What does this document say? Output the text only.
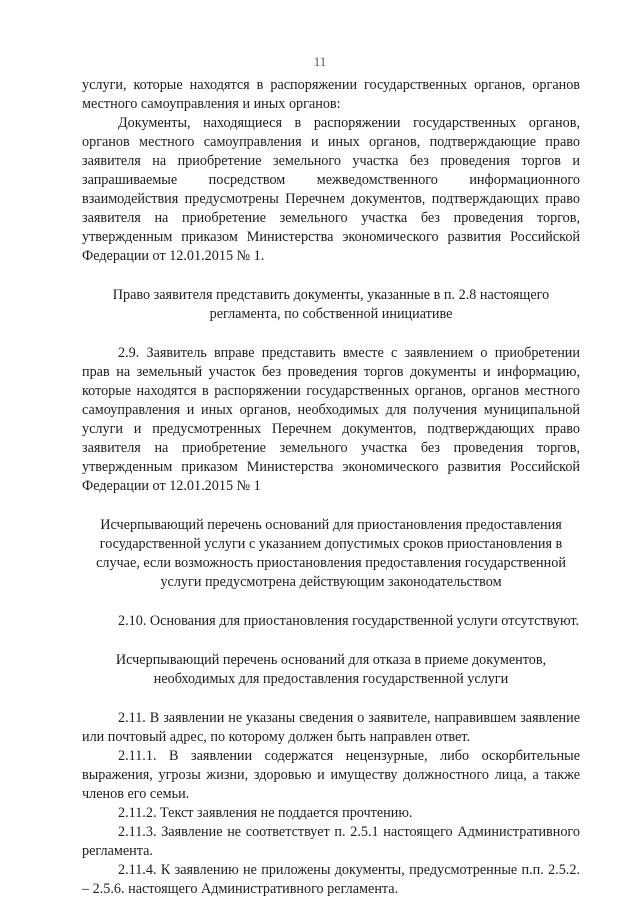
11

услуги, которые находятся в распоряжении государственных органов, органов местного самоуправления и иных органов:

Документы, находящиеся в распоряжении государственных органов, органов местного самоуправления и иных органов, подтверждающие право заявителя на приобретение земельного участка без проведения торгов и запрашиваемые посредством межведомственного информационного взаимодействия предусмотрены Перечнем документов, подтверждающих право заявителя на приобретение земельного участка без проведения торгов, утвержденным приказом Министерства экономического развития Российской Федерации от 12.01.2015 № 1.

Право заявителя представить документы, указанные в п. 2.8 настоящего регламента, по собственной инициативе

2.9. Заявитель вправе представить вместе с заявлением о приобретении прав на земельный участок без проведения торгов документы и информацию, которые находятся в распоряжении государственных органов, органов местного самоуправления и иных органов, необходимых для получения муниципальной услуги и предусмотренных Перечнем документов, подтверждающих право заявителя на приобретение земельного участка без проведения торгов, утвержденным приказом Министерства экономического развития Российской Федерации от 12.01.2015 № 1

Исчерпывающий перечень оснований для приостановления предоставления государственной услуги с указанием допустимых сроков приостановления в случае, если возможность приостановления предоставления государственной услуги предусмотрена действующим законодательством

2.10. Основания для приостановления государственной услуги отсутствуют.

Исчерпывающий перечень оснований для отказа в приеме документов, необходимых для предоставления государственной услуги

2.11. В заявлении не указаны сведения о заявителе, направившем заявление или почтовый адрес, по которому должен быть направлен ответ.

2.11.1. В заявлении содержатся нецензурные, либо оскорбительные выражения, угрозы жизни, здоровью и имуществу должностного лица, а также членов его семьи.

2.11.2. Текст заявления не поддается прочтению.

2.11.3. Заявление не соответствует п. 2.5.1 настоящего Административного регламента.

2.11.4. К заявлению не приложены документы, предусмотренные п.п. 2.5.2. – 2.5.6. настоящего Административного регламента.
